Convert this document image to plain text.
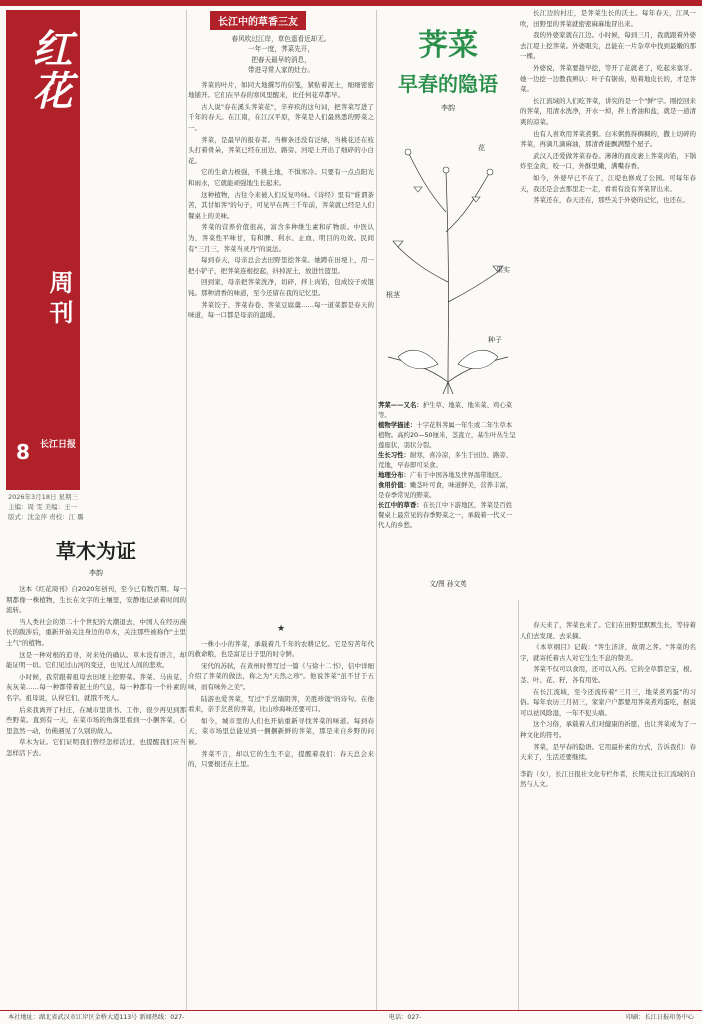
红花
周刊
8 长江日报
2026年3月18日 星期三
主编：周 雯 美编：王一
版式：沈金萍 责校：江 璐
草木为证
李韵

这本《红花周刊》自2020年创刊，至今已有数百期。每一期都像一株植物，生长在文字的土壤里，安静地记录着时间的流转。

当人类社会的第二十个世纪的大潮退去，中国人在经历漫长的跋涉后，重新开始关注身边的草木，关注那些被称作"土里土气"的植物。

这是一种对根的追寻，对来处的确认。草木没有语言，却能证明一切。它们见过山河的变迁，也见过人间的悲欢。

小时候，我常跟着祖母去田埂上挖野菜。荠菜、马齿苋、灰灰菜……每一种都带着泥土的气息，每一种都有一个朴素的名字。祖母说，认得它们，就饿不死人。

后来我离开了村庄，在城市里读书、工作，很少再见到那些野菜。直到有一天，在菜市场的角落里看到一小捆荠菜，心里忽然一动，仿佛遇见了久别的故人。

草木为证。它们证明我们曾经怎样活过，也提醒我们应当怎样活下去。

长江中的草香三友
春风吹过江岸，草色遥看近却无。
一年一度，荠菜先开，
把春天最早的消息，
带进寻常人家的灶台。

荠菜的叶片，如同大地撰写的信笺，紧贴着泥土，细细密密地铺开。它们在早春的寒风里醒来，比任何花草都早。

古人说"春在溪头荠菜花"，辛弃疾的这句词，把荠菜写进了千年的春天。在江南，在江汉平原，荠菜是人们最熟悉的野菜之一。

荠菜，是最早的报春者。当柳条还没有泛绿，当桃花还在枝头打着骨朵，荠菜已经在田边、路旁、河堤上开出了细碎的小白花。

它的生命力极强，不挑土地，不惧寒冷。只要有一点点阳光和雨水，它就能顽强地生长起来。

这种植物，古往今来被人们反复吟咏。《诗经》里有"谁谓荼苦，其甘如荠"的句子，可见早在两三千年前，荠菜就已经是人们餐桌上的美味。

荠菜的营养价值很高，富含多种维生素和矿物质。中医认为，荠菜性平味甘，有和脾、利水、止血、明目的功效。民间有"三月三，荠菜当灵丹"的说法。

每到春天，母亲总会去田野里挖荠菜。她蹲在田埂上，用一把小铲子，把荠菜连根挖起，抖掉泥土，放进竹篮里。

回到家，母亲把荠菜洗净，切碎，拌上肉馅，包成饺子或馄饨。那种清香的味道，至今还留在我的记忆里。

荠菜饺子、荠菜春卷、荠菜豆腐羹……每一道菜都是春天的味道，每一口都是母亲的温暖。

荠菜
早春的隐语
李韵

长江边的村庄，是荠菜生长的沃土。每年春天，江风一吹，田野里的荠菜就密密麻麻地冒出来。

我的外婆家就在江边。小时候，每到三月，我就跟着外婆去江堤上挖荠菜。外婆眼尖，总能在一片杂草中找到最嫩的那一棵。

外婆说，荠菜要趁早挖，等开了花就老了，吃起来塞牙。她一边挖一边教我辨认：叶子有锯齿，贴着地皮长的，才是荠菜。

长江流域的人们吃荠菜，讲究的是一个"鲜"字。刚挖回来的荠菜，用清水洗净，开水一焯，拌上香油和盐，就是一道清爽的凉菜。

也有人喜欢用荠菜煮粥。白米粥熬得稠稠的，撒上切碎的荠菜，再滴几滴麻油，那清香能飘满整个屋子。

武汉人还爱做荠菜春卷。薄薄的面皮裹上荠菜肉馅，下锅炸至金黄，咬一口，外酥里嫩，满嘴春香。

如今，外婆早已不在了，江堤也修成了公园。可每年春天，我还是会去那里走一走，看看有没有荠菜冒出来。

荠菜还在，春天还在，那些关于外婆的记忆，也还在。

花
果实
根茎
种子
荠菜——又名：护生草、地菜、地米菜、鸡心菜等。
植物学描述：十字花科荠属一年生或二年生草本植物。高约20—50厘米，茎直立，基生叶丛生呈莲座状，羽状分裂。
生长习性：耐寒，喜冷凉，多生于田边、路旁、荒地，早春即可采食。
地理分布：广布于中国各地及世界温带地区。
食用价值：嫩茎叶可食，味道鲜美，营养丰富，是春季常见的野菜。
长江中的草香：在长江中下游地区，荠菜是百姓餐桌上最常见的春季野菜之一，承载着一代又一代人的乡愁。
文/图 孙文英
★

一株小小的荠菜，承载着几千年的农耕记忆。它是穷苦年代的救命粮，也是富足日子里的时令鲜。

宋代的苏轼，在黄州时曾写过一篇《与徐十二书》，信中详细介绍了荠菜的做法，称之为"天然之珍"。他说荠菜"虽不甘于五味，而有味外之美"。

陆游也爱荠菜，写过"手烹墙阴荠，美胜珍馐"的诗句。在他看来，亲手烹煮的荠菜，比山珍海味还要可口。

如今，城市里的人们也开始重新寻找荠菜的味道。每到春天，菜市场里总能见到一捆捆新鲜的荠菜，那是来自乡野的问候。

荠菜不言，却以它的生生不息，提醒着我们：春天总会来的，只要根还在土里。

春天来了，荠菜也来了。它们在田野里默默生长，等待着人们去发现、去采摘。

《本草纲目》记载："荠生济济，故谓之荠。"荠菜的名字，就寄托着古人对它生生不息的赞美。

荠菜不仅可以食用，还可以入药。它的全草都是宝，根、茎、叶、花、籽，各有用处。

在长江流域，至今还流传着"三月三，地菜煮鸡蛋"的习俗。每年农历三月初三，家家户户都要用荠菜煮鸡蛋吃，据说可以祛风除湿，一年不犯头痛。

这个习俗，承载着人们对健康的祈愿，也让荠菜成为了一种文化的符号。

荠菜，是早春的隐语。它用最朴素的方式，告诉我们：春天来了，生活还要继续。

李韵（女），长江日报社文化专栏作者，长期关注长江流域的自然与人文。
本社地址：湖北省武汉市江岸区金桥大道113号 新闻热线：027-	电话：027-	印刷：长江日报印务中心
